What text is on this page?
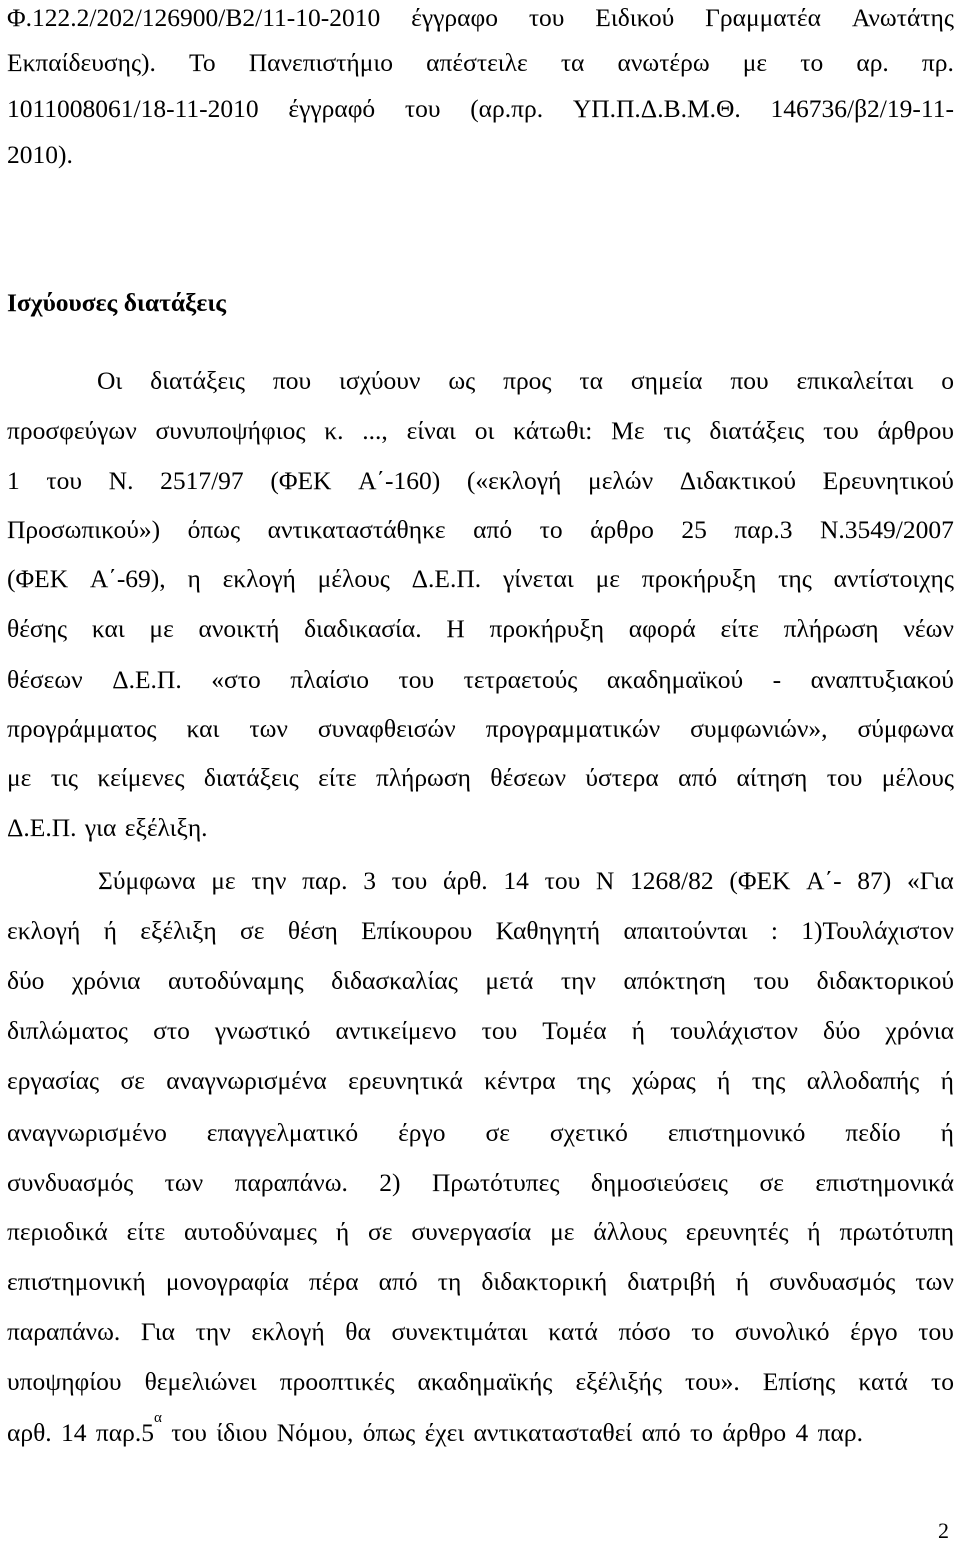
Φ.122.2/202/126900/Β2/11-10-2010 έγγραφο του Ειδικού Γραμματέα Ανωτάτης
Εκπαίδευσης). Το Πανεπιστήμιο απέστειλε τα ανωτέρω με το αρ. πρ.
1011008061/18-11-2010 έγγραφό του (αρ.πρ. ΥΠ.Π.Δ.Β.Μ.Θ. 146736/β2/19-11-
2010).
Ισχύουσες διατάξεις
Οι διατάξεις που ισχύουν ως προς τα σημεία που επικαλείται ο
προσφεύγων συνυποψήφιος κ. ..., είναι οι κάτωθι: Με τις διατάξεις του άρθρου
1 του Ν. 2517/97 (ΦΕΚ Α΄-160) («εκλογή μελών Διδακτικού Ερευνητικού
Προσωπικού») όπως αντικαταστάθηκε από το άρθρο 25 παρ.3 Ν.3549/2007
(ΦΕΚ Α΄-69), η εκλογή μέλους Δ.Ε.Π. γίνεται με προκήρυξη της αντίστοιχης
θέσης και με ανοικτή διαδικασία. Η προκήρυξη αφορά είτε πλήρωση νέων
θέσεων Δ.Ε.Π. «στο πλαίσιο του τετραετούς ακαδημαϊκού - αναπτυξιακού
προγράμματος και των συναφθεισών προγραμματικών συμφωνιών», σύμφωνα
με τις κείμενες διατάξεις είτε πλήρωση θέσεων ύστερα από αίτηση του μέλους
Δ.Ε.Π. για εξέλιξη.
Σύμφωνα με την παρ. 3 του άρθ. 14 του Ν 1268/82 (ΦΕΚ Α΄- 87) «Για
εκλογή ή εξέλιξη σε θέση Επίκουρου Καθηγητή απαιτούνται : 1)Τουλάχιστον
δύο χρόνια αυτοδύναμης διδασκαλίας μετά την απόκτηση του διδακτορικού
διπλώματος στο γνωστικό αντικείμενο του Τομέα ή τουλάχιστον δύο χρόνια
εργασίας σε αναγνωρισμένα ερευνητικά κέντρα της χώρας ή της αλλοδαπής ή
αναγνωρισμένο επαγγελματικό έργο σε σχετικό επιστημονικό πεδίο ή
συνδυασμός των παραπάνω. 2) Πρωτότυπες δημοσιεύσεις σε επιστημονικά
περιοδικά είτε αυτοδύναμες ή σε συνεργασία με άλλους ερευνητές ή πρωτότυπη
επιστημονική μονογραφία πέρα από τη διδακτορική διατριβή ή συνδυασμός των
παραπάνω. Για την εκλογή θα συνεκτιμάται κατά πόσο το συνολικό έργο του
υποψηφίου θεμελιώνει προοπτικές ακαδημαϊκής εξέλιξής του». Επίσης κατά το
αρθ. 14 παρ.5 α του ίδιου Νόμου, όπως έχει αντικατασταθεί από το άρθρο 4 παρ.
2
